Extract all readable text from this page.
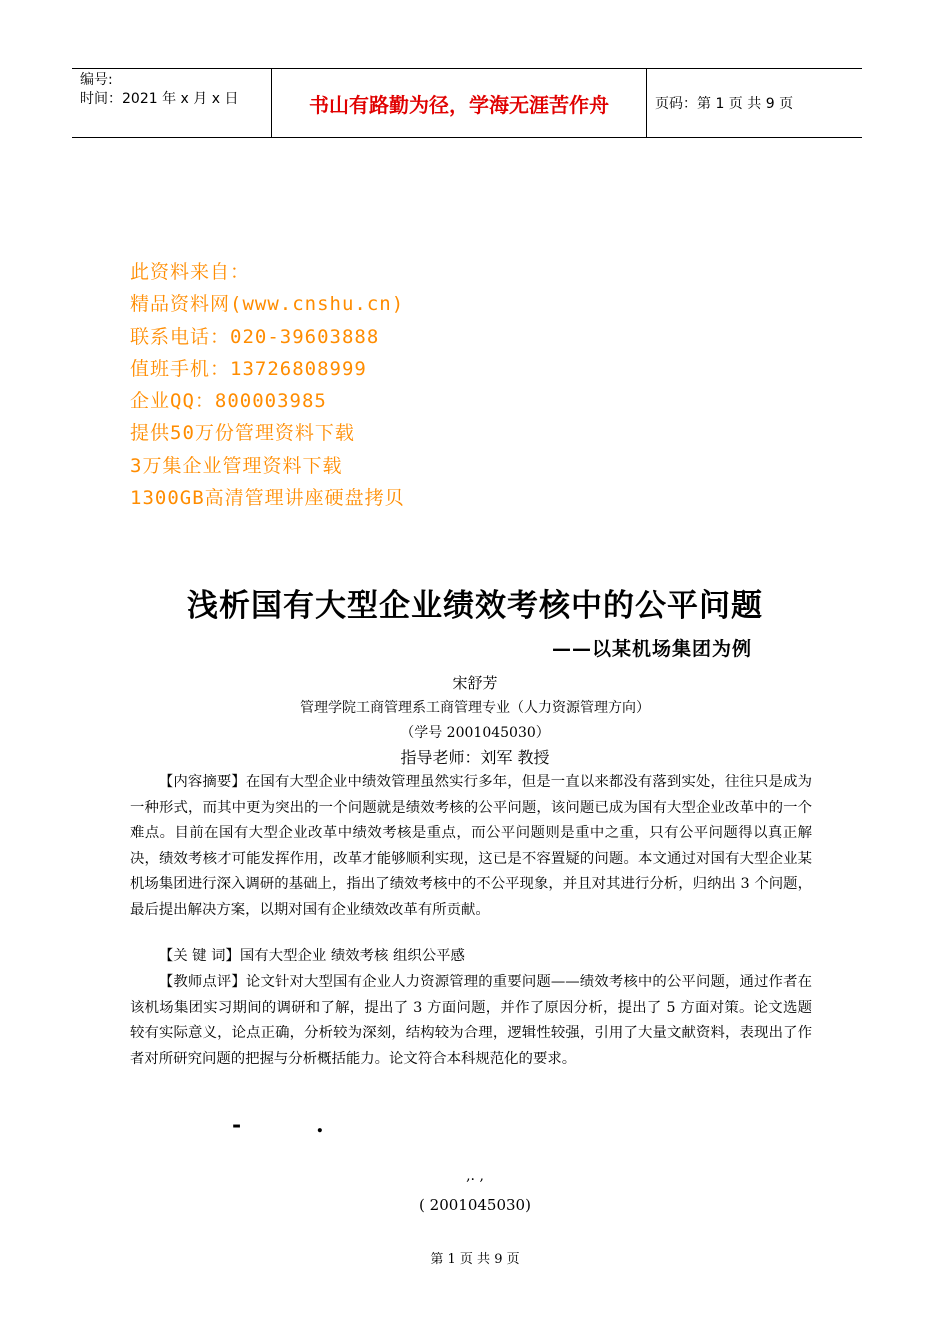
编号:
时间：2021 年 x 月 x 日	书山有路勤为径，学海无涯苦作舟	页码：第 1 页 共 9 页
此资料来自：
精品资料网(www.cnshu.cn)
联系电话：020-39603888
值班手机：13726808999
企业QQ：800003985
提供50万份管理资料下载
3万集企业管理资料下载
1300GB高清管理讲座硬盘拷贝
浅析国有大型企业绩效考核中的公平问题
——以某机场集团为例
宋舒芳
管理学院工商管理系工商管理专业（人力资源管理方向）
（学号 2001045030）
指导老师：刘军 教授
【内容摘要】在国有大型企业中绩效管理虽然实行多年，但是一直以来都没有落到实处，往往只是成为一种形式，而其中更为突出的一个问题就是绩效考核的公平问题，该问题已成为国有大型企业改革中的一个难点。目前在国有大型企业改革中绩效考核是重点，而公平问题则是重中之重，只有公平问题得以真正解决，绩效考核才可能发挥作用，改革才能够顺利实现，这已是不容置疑的问题。本文通过对国有大型企业某机场集团进行深入调研的基础上，指出了绩效考核中的不公平现象，并且对其进行分析，归纳出 3 个问题，最后提出解决方案，以期对国有企业绩效改革有所贡献。
【关 键 词】国有大型企业 绩效考核 组织公平感
【教师点评】论文针对大型国有企业人力资源管理的重要问题——绩效考核中的公平问题，通过作者在该机场集团实习期间的调研和了解，提出了 3 方面问题，并作了原因分析，提出了 5 方面对策。论文选题较有实际意义，论点正确，分析较为深刻，结构较为合理，逻辑性较强，引用了大量文献资料，表现出了作者对所研究问题的把握与分析概括能力。论文符合本科规范化的要求。
-	.
,. ,
( 2001045030)
第 1 页 共 9 页
